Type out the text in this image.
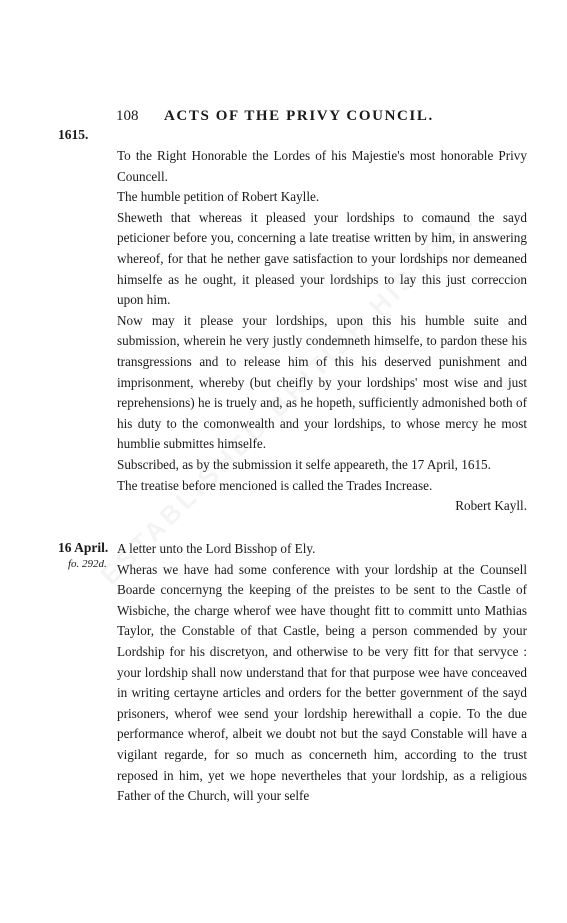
108 ACTS OF THE PRIVY COUNCIL.
1615.
16 April.
fo. 292d.

To the Right Honorable the Lordes of his Majestie's most honorable Privy Councell.

The humble petition of Robert Kaylle.

Sheweth that whereas it pleased your lordships to comaund the sayd peticioner before you, concerning a late treatise written by him, in answering whereof, for that he nether gave satisfaction to your lordships nor demeaned himselfe as he ought, it pleased your lordships to lay this just correccion upon him.

Now may it please your lordships, upon this his humble suite and submission, wherein he very justly condemneth himselfe, to pardon these his transgressions and to release him of this his deserved punishment and imprisonment, whereby (but cheifly by your lordships' most wise and just reprehensions) he is truely and, as he hopeth, sufficiently admonished both of his duty to the comonwealth and your lordships, to whose mercy he most humblie submittes himselfe.

Subscribed, as by the submission it selfe appeareth, the 17 April, 1615.

The treatise before mencioned is called the Trades Increase.

Robert Kayll.

A letter unto the Lord Bisshop of Ely.

Wheras we have had some conference with your lordship at the Counsell Boarde concernyng the keeping of the preistes to be sent to the Castle of Wisbiche, the charge wherof wee have thought fitt to committ unto Mathias Taylor, the Constable of that Castle, being a person commended by your Lordship for his discretyon, and otherwise to be very fitt for that servyce : your lordship shall now understand that for that purpose wee have conceaved in writing certayne articles and orders for the better government of the sayd prisoners, wherof wee send your lordship herewithall a copie. To the due performance wherof, albeit we doubt not but the sayd Constable will have a vigilant regarde, for so much as concerneth him, according to the trust reposed in him, yet we hope nevertheles that your lordship, as a religious Father of the Church, will your selfe
